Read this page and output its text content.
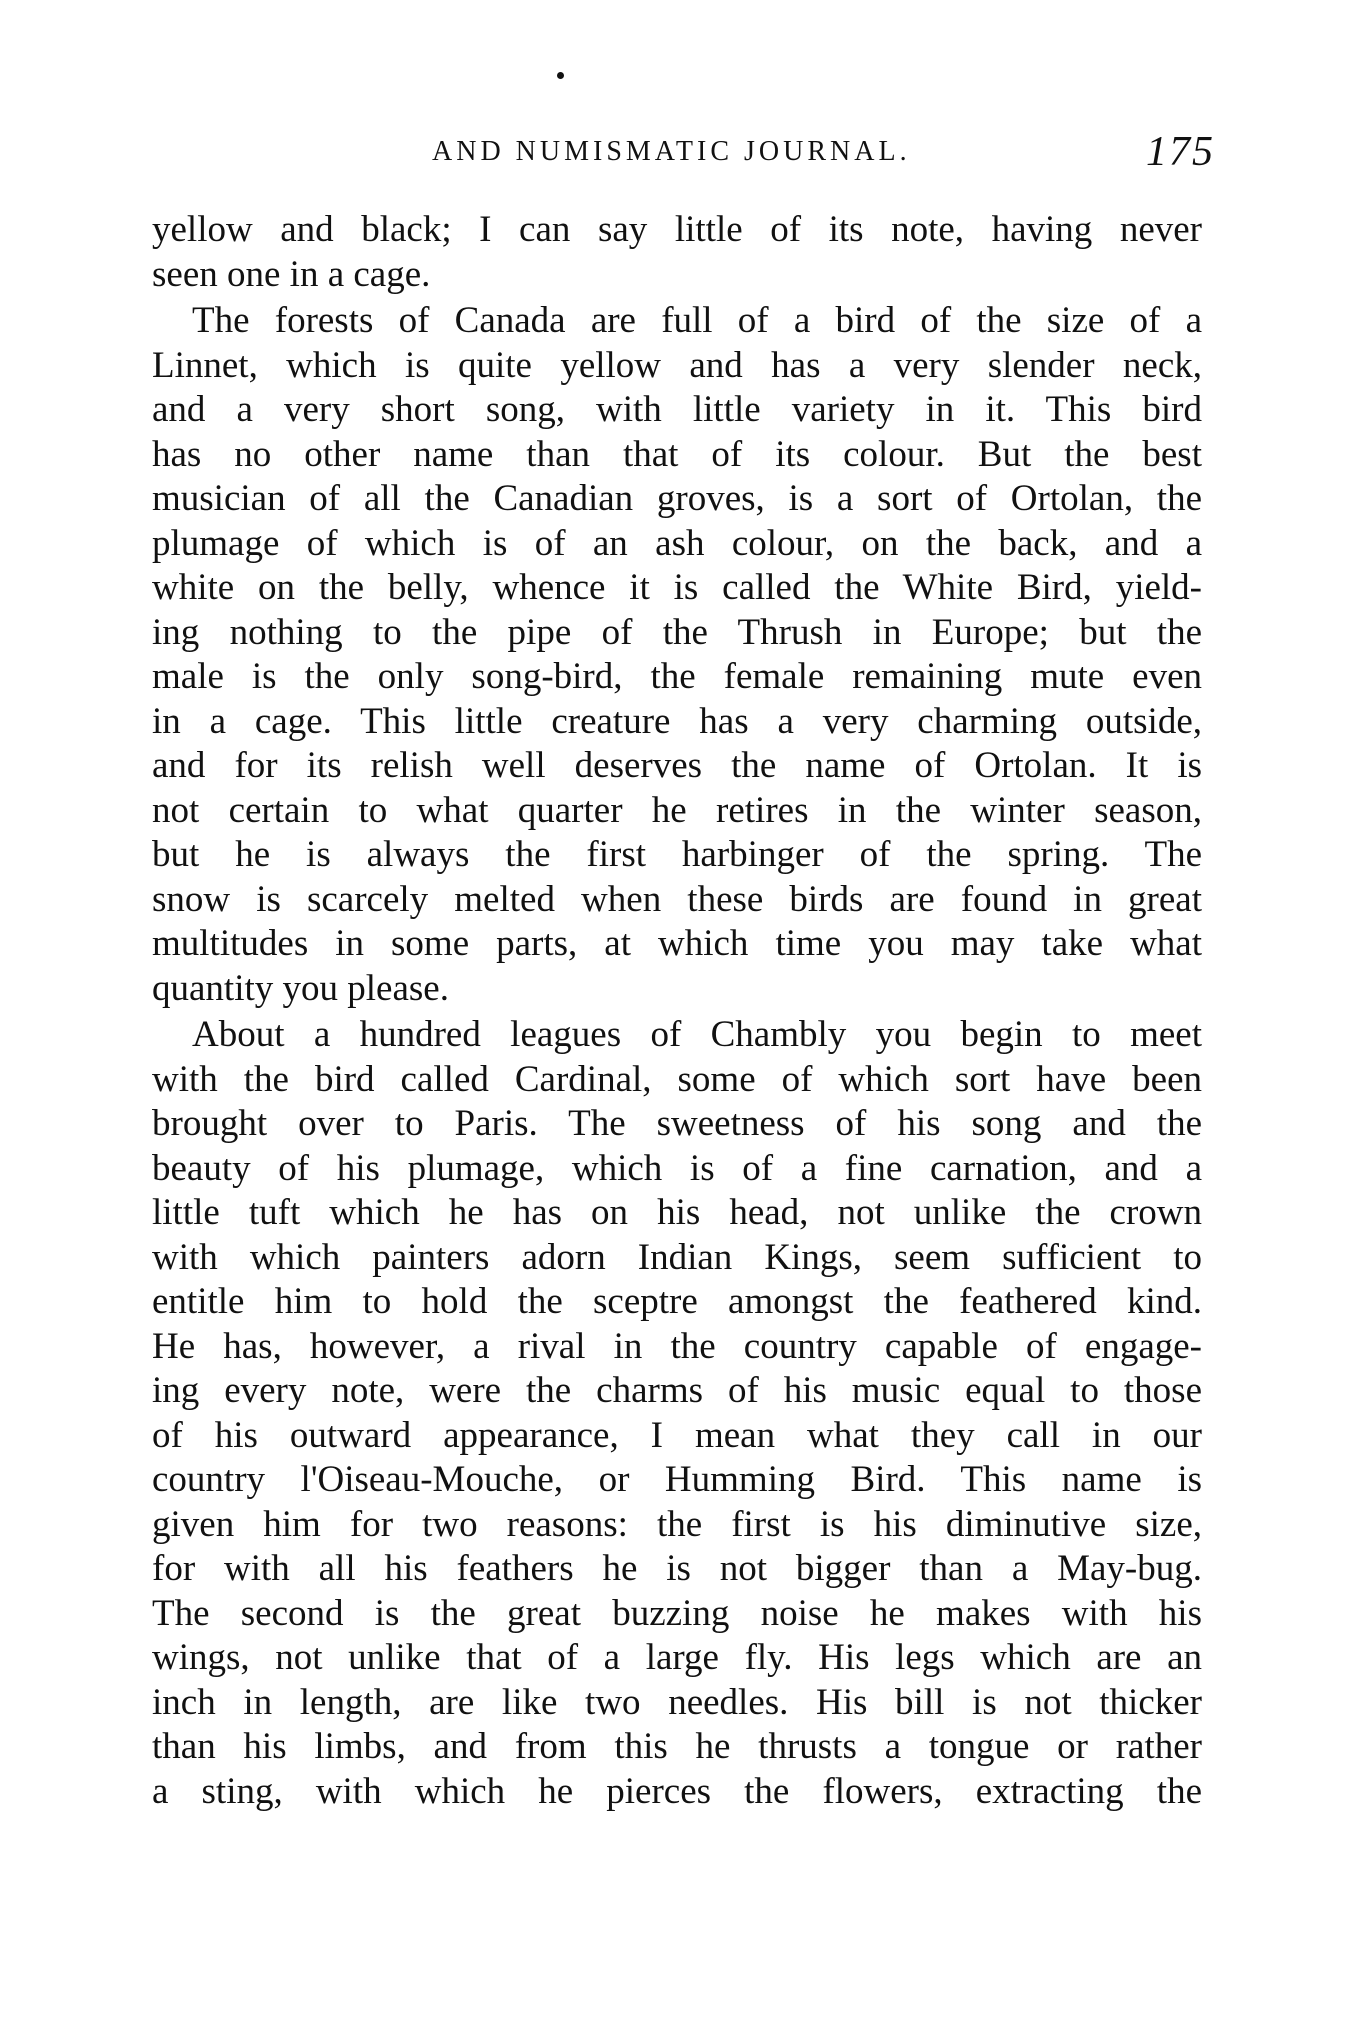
AND NUMISMATIC JOURNAL.	175
yellow and black; I can say little of its note, having never
seen one in a cage.
The forests of Canada are full of a bird of the size of a
Linnet, which is quite yellow and has a very slender neck,
and a very short song, with little variety in it. This bird
has no other name than that of its colour. But the best
musician of all the Canadian groves, is a sort of Ortolan, the
plumage of which is of an ash colour, on the back, and a
white on the belly, whence it is called the White Bird, yield-
ing nothing to the pipe of the Thrush in Europe; but the
male is the only song-bird, the female remaining mute even
in a cage. This little creature has a very charming outside,
and for its relish well deserves the name of Ortolan. It is
not certain to what quarter he retires in the winter season,
but he is always the first harbinger of the spring. The
snow is scarcely melted when these birds are found in great
multitudes in some parts, at which time you may take what
quantity you please.
About a hundred leagues of Chambly you begin to meet
with the bird called Cardinal, some of which sort have been
brought over to Paris. The sweetness of his song and the
beauty of his plumage, which is of a fine carnation, and a
little tuft which he has on his head, not unlike the crown
with which painters adorn Indian Kings, seem sufficient to
entitle him to hold the sceptre amongst the feathered kind.
He has, however, a rival in the country capable of engage-
ing every note, were the charms of his music equal to those
of his outward appearance, I mean what they call in our
country l'Oiseau-Mouche, or Humming Bird. This name is
given him for two reasons: the first is his diminutive size,
for with all his feathers he is not bigger than a May-bug.
The second is the great buzzing noise he makes with his
wings, not unlike that of a large fly. His legs which are an
inch in length, are like two needles. His bill is not thicker
than his limbs, and from this he thrusts a tongue or rather
a sting, with which he pierces the flowers, extracting the
